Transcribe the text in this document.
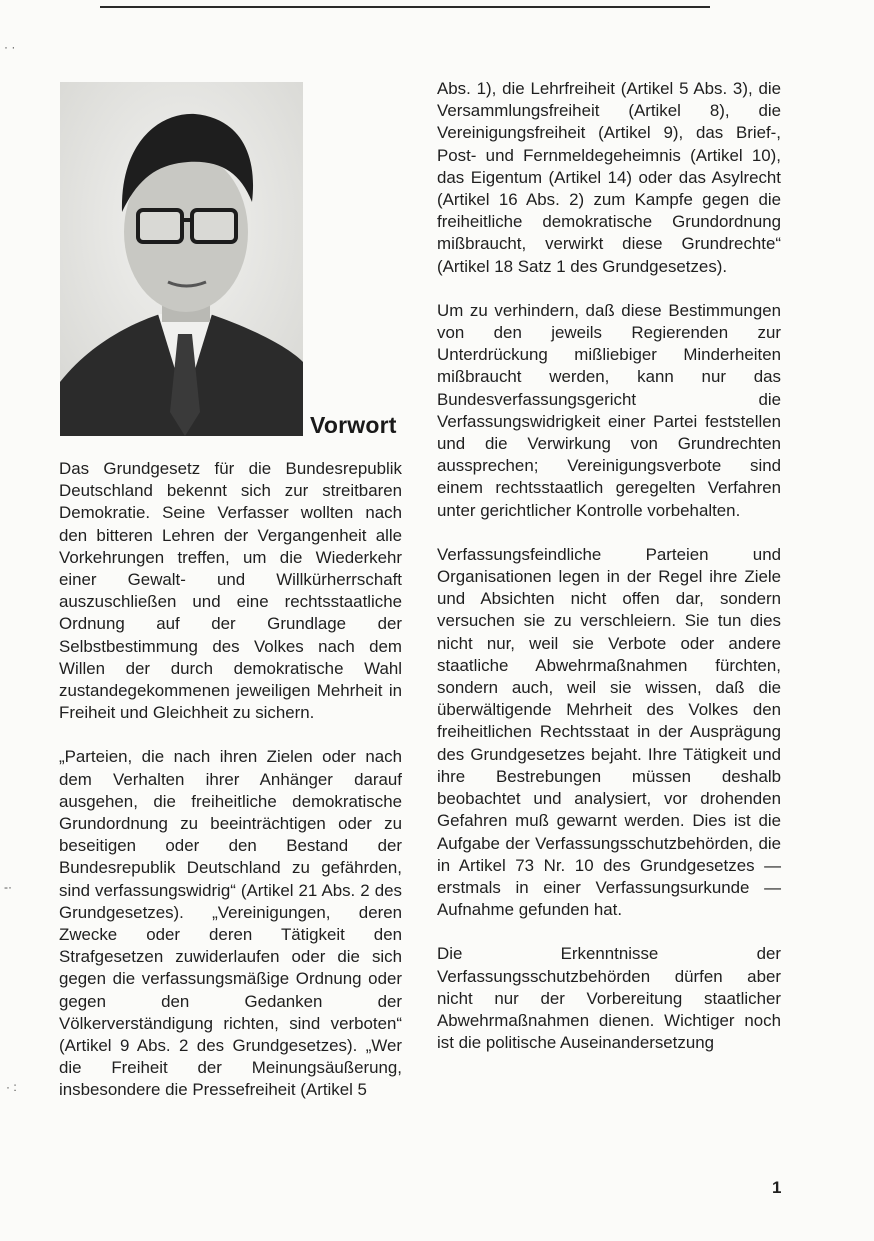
· ·
-·
· :
Vorwort

Das Grundgesetz für die Bundesrepublik Deutschland bekennt sich zur streitbaren Demokratie. Seine Verfasser wollten nach den bitteren Lehren der Vergangenheit alle Vorkehrungen treffen, um die Wiederkehr einer Gewalt- und Willkürherrschaft auszuschließen und eine rechtsstaatliche Ordnung auf der Grundlage der Selbstbestimmung des Volkes nach dem Willen der durch demokratische Wahl zustandegekommenen jeweiligen Mehrheit in Freiheit und Gleichheit zu sichern.

„Parteien, die nach ihren Zielen oder nach dem Verhalten ihrer Anhänger darauf ausgehen, die freiheitliche demokratische Grundordnung zu beeinträchtigen oder zu beseitigen oder den Bestand der Bundesrepublik Deutschland zu gefährden, sind verfassungswidrig“ (Artikel 21 Abs. 2 des Grundgesetzes). „Vereinigungen, deren Zwecke oder deren Tätigkeit den Strafgesetzen zuwiderlaufen oder die sich gegen die verfassungsmäßige Ordnung oder gegen den Gedanken der Völkerverständigung richten, sind verboten“ (Artikel 9 Abs. 2 des Grundgesetzes). „Wer die Freiheit der Meinungsäußerung, insbesondere die Pressefreiheit (Artikel 5

Abs. 1), die Lehrfreiheit (Artikel 5 Abs. 3), die Versammlungsfreiheit (Artikel 8), die Vereinigungsfreiheit (Artikel 9), das Brief-, Post- und Fernmeldegeheimnis (Artikel 10), das Eigentum (Artikel 14) oder das Asylrecht (Artikel 16 Abs. 2) zum Kampfe gegen die freiheitliche demokratische Grundordnung mißbraucht, verwirkt diese Grundrechte“ (Artikel 18 Satz 1 des Grundgesetzes).

Um zu verhindern, daß diese Bestimmungen von den jeweils Regierenden zur Unterdrückung mißliebiger Minderheiten mißbraucht werden, kann nur das Bundesverfassungsgericht die Verfassungswidrigkeit einer Partei feststellen und die Verwirkung von Grundrechten aussprechen; Vereinigungsverbote sind einem rechtsstaatlich geregelten Verfahren unter gerichtlicher Kontrolle vorbehalten.

Verfassungsfeindliche Parteien und Organisationen legen in der Regel ihre Ziele und Absichten nicht offen dar, sondern versuchen sie zu verschleiern. Sie tun dies nicht nur, weil sie Verbote oder andere staatliche Abwehrmaßnahmen fürchten, sondern auch, weil sie wissen, daß die überwältigende Mehrheit des Volkes den freiheitlichen Rechtsstaat in der Ausprägung des Grundgesetzes bejaht. Ihre Tätigkeit und ihre Bestrebungen müssen deshalb beobachtet und analysiert, vor drohenden Gefahren muß gewarnt werden. Dies ist die Aufgabe der Verfassungsschutzbehörden, die in Artikel 73 Nr. 10 des Grundgesetzes — erstmals in einer Verfassungsurkunde — Aufnahme gefunden hat.

Die Erkenntnisse der Verfassungsschutzbehörden dürfen aber nicht nur der Vorbereitung staatlicher Abwehrmaßnahmen dienen. Wichtiger noch ist die politische Auseinandersetzung

1
